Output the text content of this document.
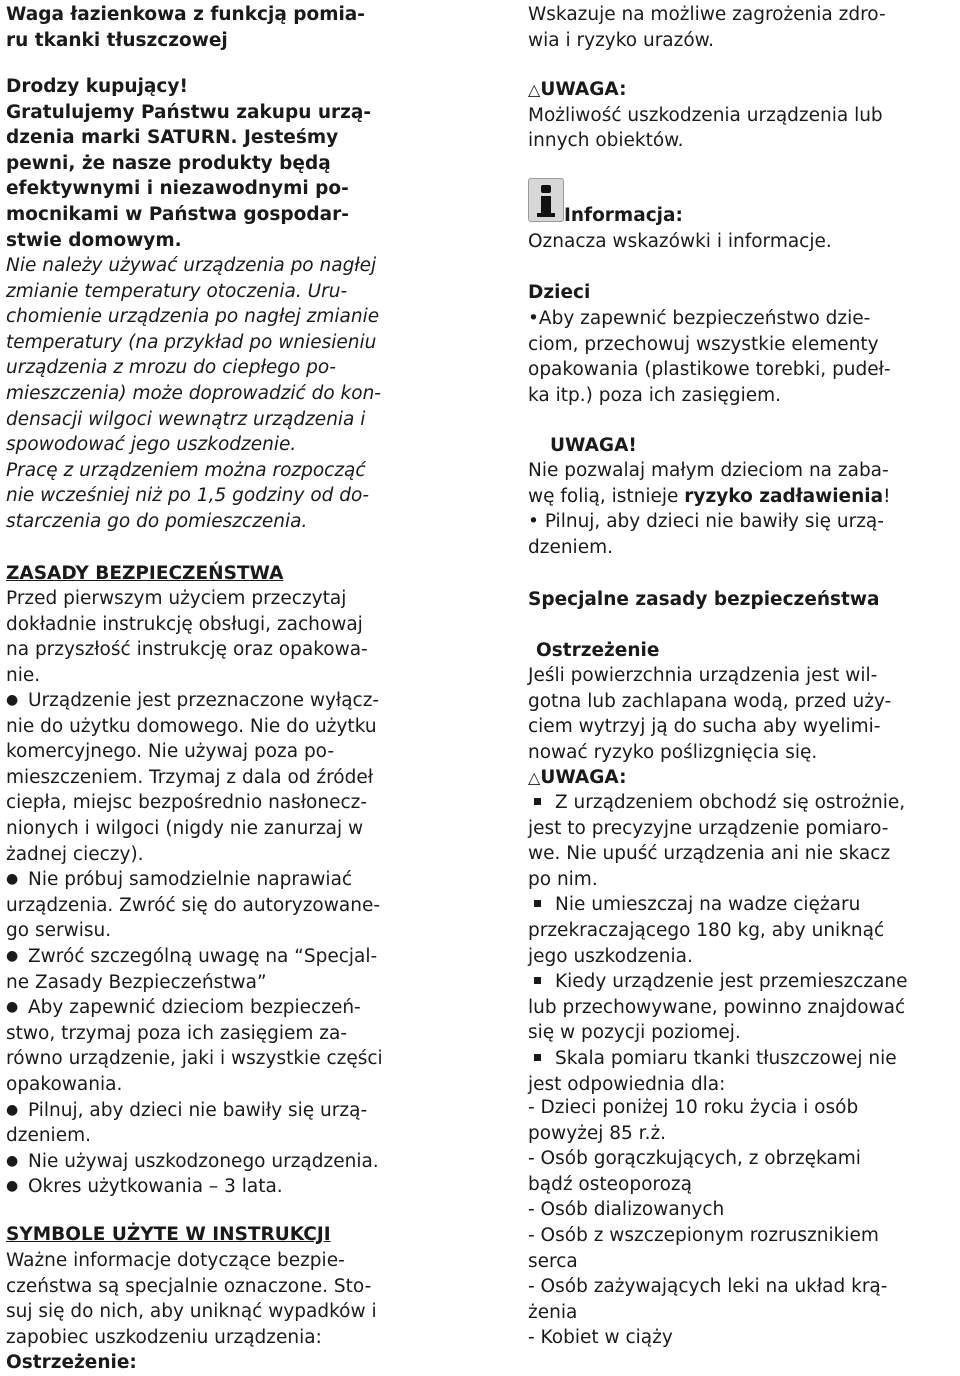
Waga łazienkowa z funkcją pomia-
ru tkanki tłuszczowej
Drodzy kupujący!
Gratulujemy Państwu zakupu urzą-
dzenia marki SATURN. Jesteśmy
pewni, że nasze produkty będą
efektywnymi i niezawodnymi po-
mocnikami w Państwa gospodar-
stwie domowym.
Nie należy używać urządzenia po nagłej
zmianie temperatury otoczenia. Uru-
chomienie urządzenia po nagłej zmianie
temperatury (na przykład po wniesieniu
urządzenia z mrozu do ciepłego po-
mieszczenia) może doprowadzić do kon-
densacji wilgoci wewnątrz urządzenia i
spowodować jego uszkodzenie.
Pracę z urządzeniem można rozpocząć
nie wcześniej niż po 1,5 godziny od do-
starczenia go do pomieszczenia.
ZASADY BEZPIECZEŃSTWA
Przed pierwszym użyciem przeczytaj
dokładnie instrukcję obsługi, zachowaj
na przyszłość instrukcję oraz opakowa-
nie.
● Urządzenie jest przeznaczone wyłącz-
nie do użytku domowego. Nie do użytku
komercyjnego. Nie używaj poza po-
mieszczeniem. Trzymaj z dala od źródeł
ciepła, miejsc bezpośrednio nasłonecz-
nionych i wilgoci (nigdy nie zanurzaj w
żadnej cieczy).
● Nie próbuj samodzielnie naprawiać
urządzenia. Zwróć się do autoryzowane-
go serwisu.
● Zwróć szczególną uwagę na “Specjal-
ne Zasady Bezpieczeństwa”
● Aby zapewnić dzieciom bezpieczeń-
stwo, trzymaj poza ich zasięgiem za-
równo urządzenie, jaki i wszystkie części
opakowania.
● Pilnuj, aby dzieci nie bawiły się urzą-
dzeniem.
● Nie używaj uszkodzonego urządzenia.
● Okres użytkowania – 3 lata.
SYMBOLE UŻYTE W INSTRUKCJI
Ważne informacje dotyczące bezpie-
czeństwa są specjalnie oznaczone. Sto-
suj się do nich, aby uniknąć wypadków i
zapobiec uszkodzeniu urządzenia:
Ostrzeżenie:
Wskazuje na możliwe zagrożenia zdro-
wia i ryzyko urazów.
△UWAGA:
Możliwość uszkodzenia urządzenia lub
innych obiektów.
Informacja:
Oznacza wskazówki i informacje.
Dzieci
•Aby zapewnić bezpieczeństwo dzie-
ciom, przechowuj wszystkie elementy
opakowania (plastikowe torebki, pudeł-
ka itp.) poza ich zasięgiem.
UWAGA!
Nie pozwalaj małym dzieciom na zaba-
wę folią, istnieje ryzyko zadławienia!
• Pilnuj, aby dzieci nie bawiły się urzą-
dzeniem.
Specjalne zasady bezpieczeństwa
Ostrzeżenie
Jeśli powierzchnia urządzenia jest wil-
gotna lub zachlapana wodą, przed uży-
ciem wytrzyj ją do sucha aby wyelimi-
nować ryzyko poślizgnięcia się.
△UWAGA:
Z urządzeniem obchodź się ostrożnie,
jest to precyzyjne urządzenie pomiaro-
we. Nie upuść urządzenia ani nie skacz
po nim.
Nie umieszczaj na wadze ciężaru
przekraczającego 180 kg, aby uniknąć
jego uszkodzenia.
Kiedy urządzenie jest przemieszczane
lub przechowywane, powinno znajdować
się w pozycji poziomej.
Skala pomiaru tkanki tłuszczowej nie
jest odpowiednia dla:
- Dzieci poniżej 10 roku życia i osób
powyżej 85 r.ż.
- Osób gorączkujących, z obrzękami
bądź osteoporozą
- Osób dializowanych
- Osób z wszczepionym rozrusznikiem
serca
- Osób zażywających leki na układ krą-
żenia
- Kobiet w ciąży
